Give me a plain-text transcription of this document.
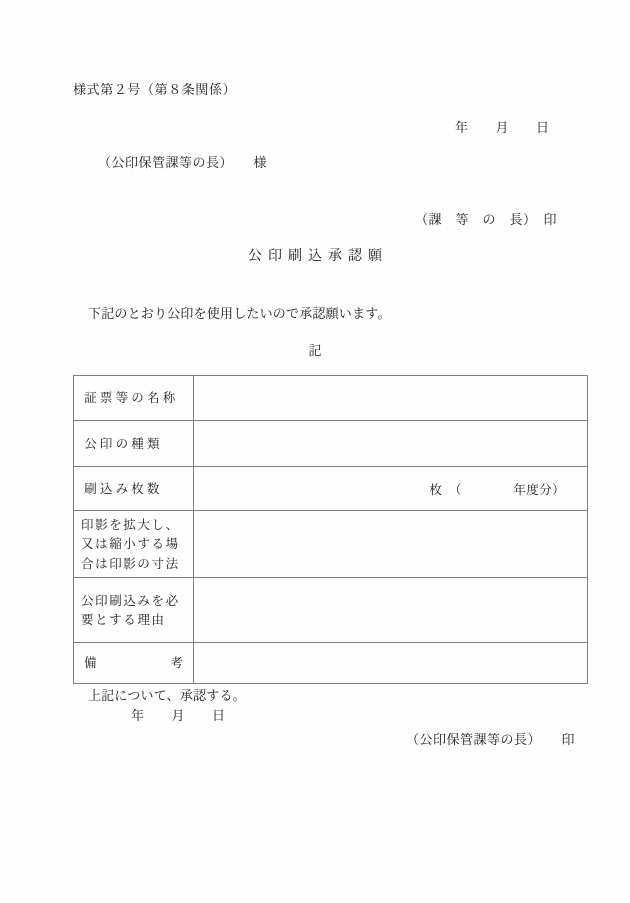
様式第２号（第８条関係）
年　　月　　日
（公印保管課等の長）　　様
（課　等　の　長）　印
公印刷込承認願
下記のとおり公印を使用したいので承認願います。
記
証票等の名称	

公印の種類	

刷込み枚数	枚　（　　　　年度分）

印影を拡大し、又は縮小する場合は印影の寸法	

公印刷込みを必要とする理由	

備 考	

上記について、承認する。
年　　月　　日
（公印保管課等の長）　　印
